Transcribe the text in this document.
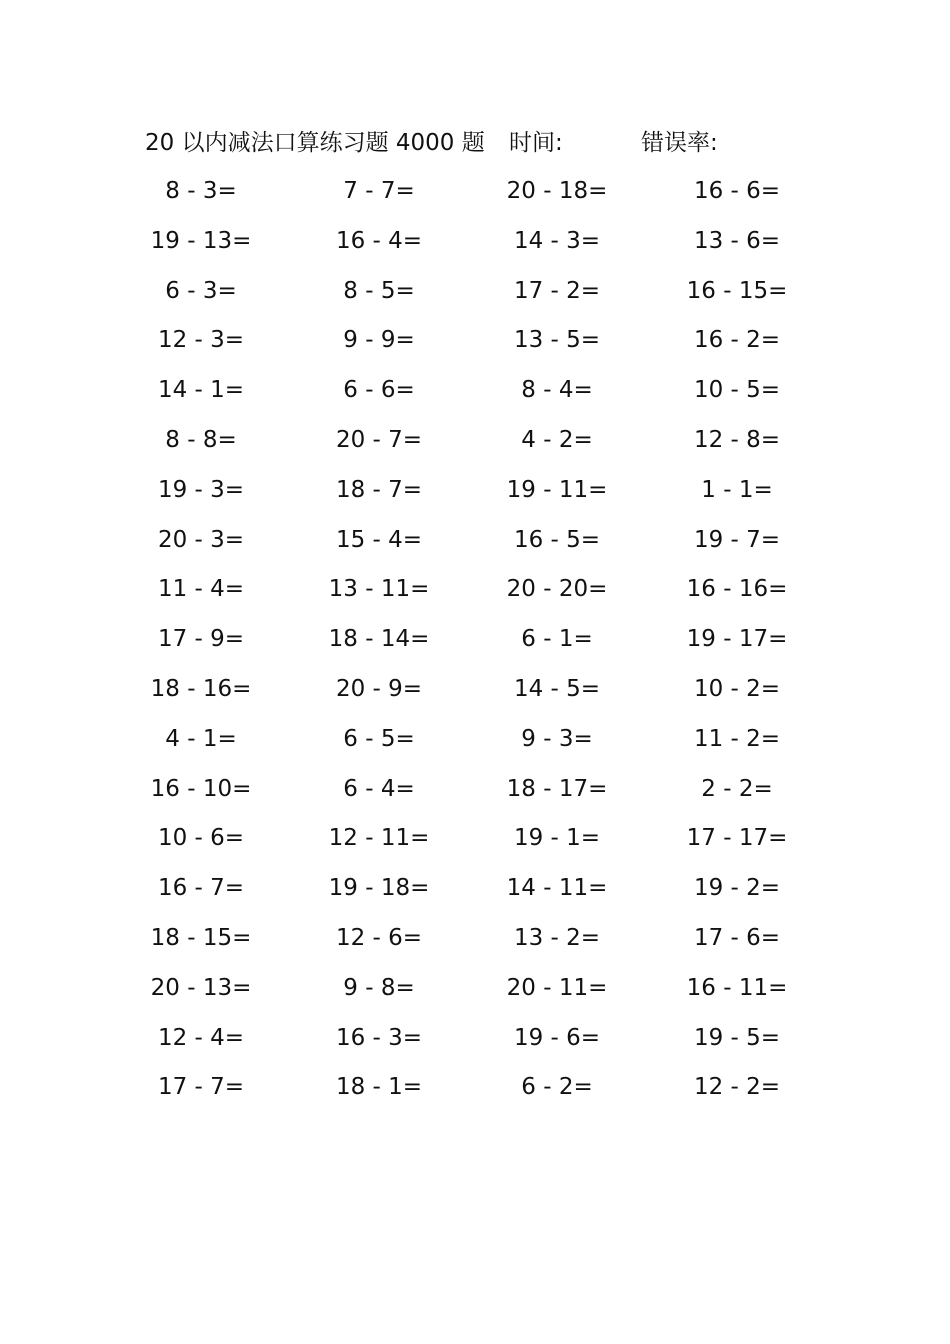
20 以内减法口算练习题 4000 题 时间:	错误率:
8 - 3=	7 - 7=	20 - 18=	16 - 6=
19 - 13=	16 - 4=	14 - 3=	13 - 6=
6 - 3=	8 - 5=	17 - 2=	16 - 15=
12 - 3=	9 - 9=	13 - 5=	16 - 2=
14 - 1=	6 - 6=	8 - 4=	10 - 5=
8 - 8=	20 - 7=	4 - 2=	12 - 8=
19 - 3=	18 - 7=	19 - 11=	1 - 1=
20 - 3=	15 - 4=	16 - 5=	19 - 7=
11 - 4=	13 - 11=	20 - 20=	16 - 16=
17 - 9=	18 - 14=	6 - 1=	19 - 17=
18 - 16=	20 - 9=	14 - 5=	10 - 2=
4 - 1=	6 - 5=	9 - 3=	11 - 2=
16 - 10=	6 - 4=	18 - 17=	2 - 2=
10 - 6=	12 - 11=	19 - 1=	17 - 17=
16 - 7=	19 - 18=	14 - 11=	19 - 2=
18 - 15=	12 - 6=	13 - 2=	17 - 6=
20 - 13=	9 - 8=	20 - 11=	16 - 11=
12 - 4=	16 - 3=	19 - 6=	19 - 5=
17 - 7=	18 - 1=	6 - 2=	12 - 2=
